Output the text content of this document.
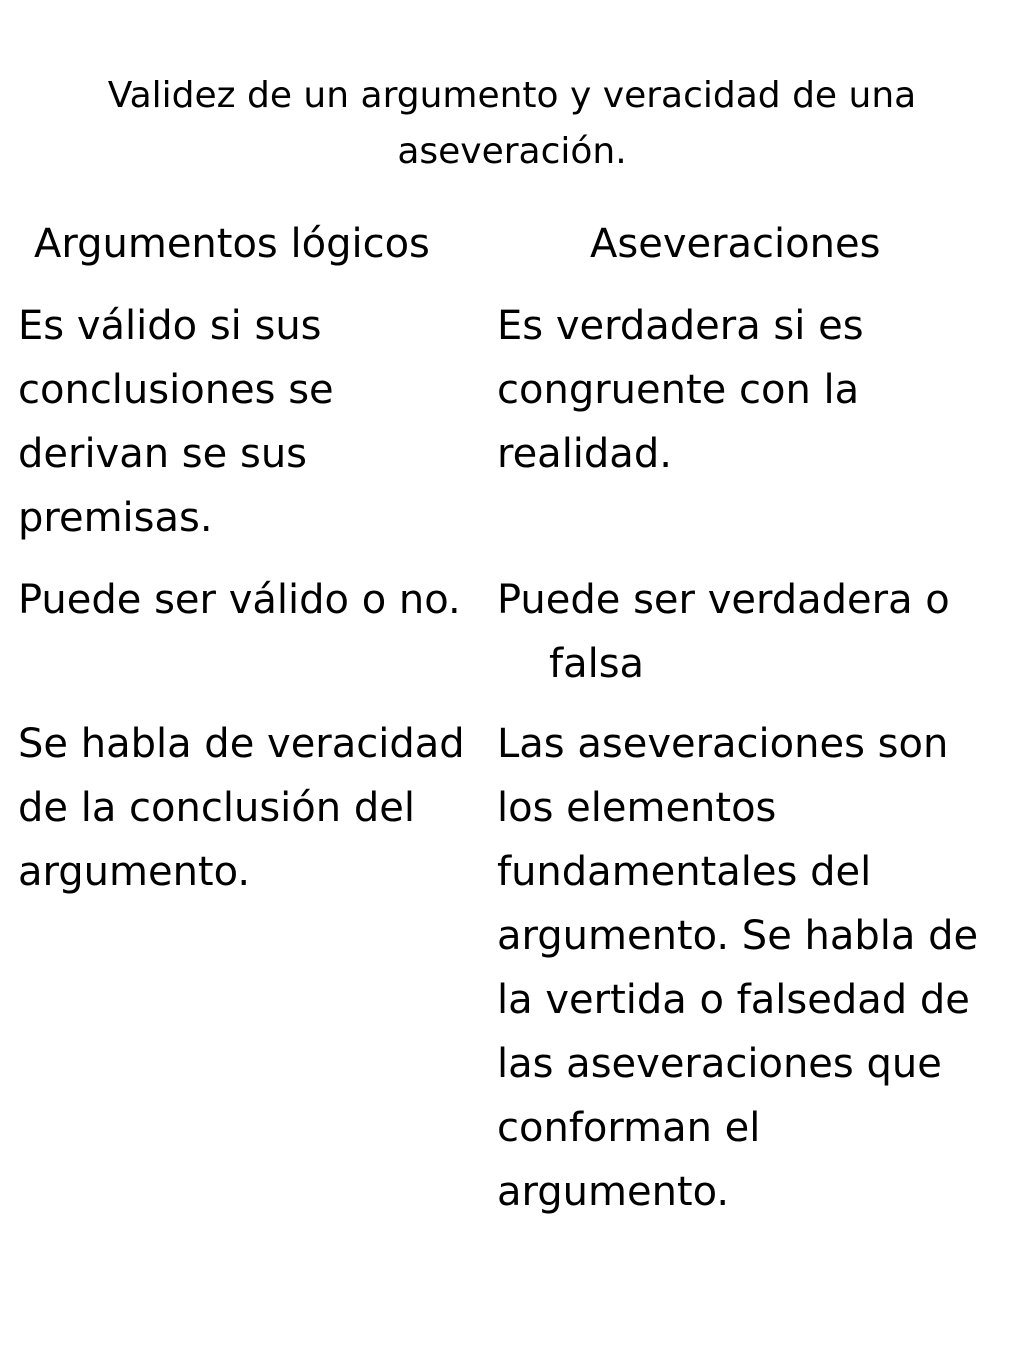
Validez de un argumento y veracidad de una aseveración.
Argumentos lógicos	Aseveraciones

Es válido si sus conclusiones se derivan se sus premisas.

Es verdadera si es congruente con la realidad.

Puede ser válido o no. Puede ser verdadera o falsa

Se habla de veracidad de la conclusión del argumento.

Las aseveraciones son los elementos fundamentales del argumento. Se habla de la vertida o falsedad de las aseveraciones que conforman el argumento.
